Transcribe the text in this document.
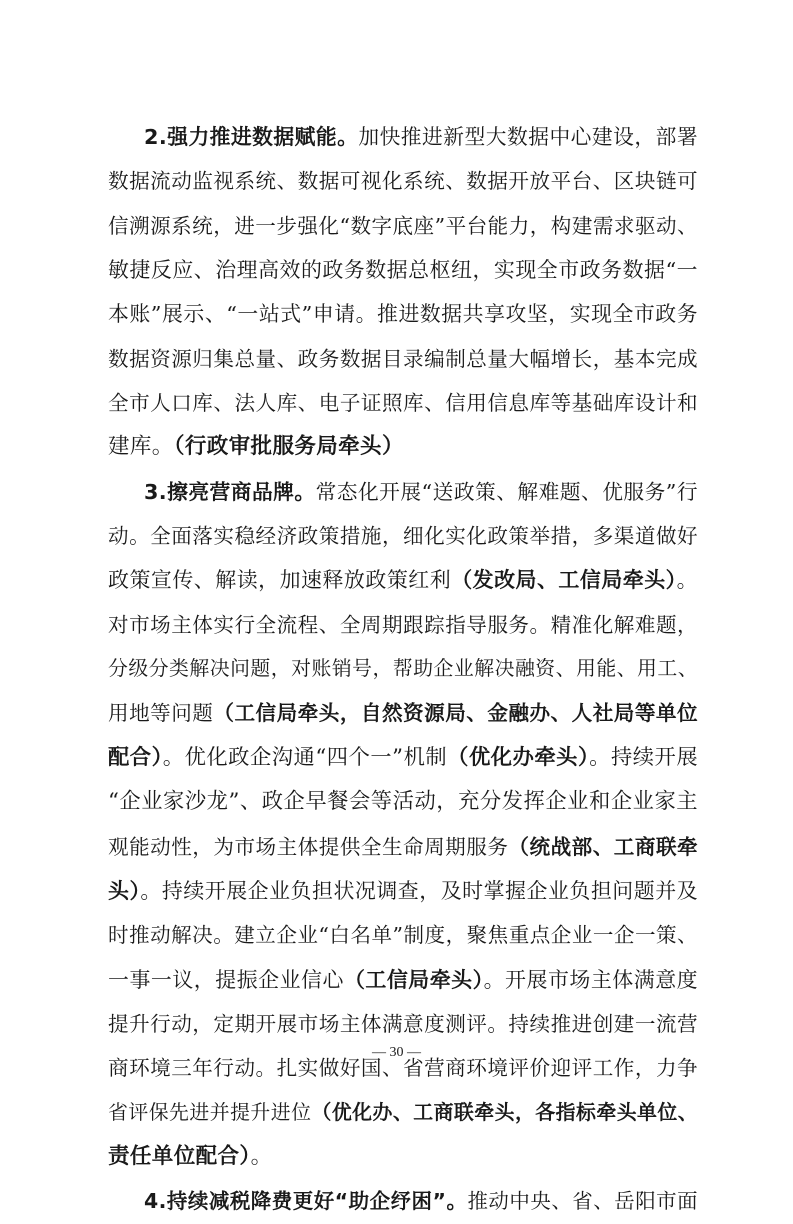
2.强力推进数据赋能。加快推进新型大数据中心建设，部署
数据流动监视系统、数据可视化系统、数据开放平台、区块链可
信溯源系统，进一步强化“数字底座”平台能力，构建需求驱动、
敏捷反应、治理高效的政务数据总枢纽，实现全市政务数据“一
本账”展示、“一站式”申请。推进数据共享攻坚，实现全市政务
数据资源归集总量、政务数据目录编制总量大幅增长，基本完成
全市人口库、法人库、电子证照库、信用信息库等基础库设计和
建库。（行政审批服务局牵头）
3.擦亮营商品牌。常态化开展“送政策、解难题、优服务”行
动。全面落实稳经济政策措施，细化实化政策举措，多渠道做好
政策宣传、解读，加速释放政策红利（发改局、工信局牵头）。
对市场主体实行全流程、全周期跟踪指导服务。精准化解难题，
分级分类解决问题，对账销号，帮助企业解决融资、用能、用工、
用地等问题（工信局牵头，自然资源局、金融办、人社局等单位
配合）。优化政企沟通“四个一”机制（优化办牵头）。持续开展
“企业家沙龙”、政企早餐会等活动，充分发挥企业和企业家主
观能动性，为市场主体提供全生命周期服务（统战部、工商联牵
头）。持续开展企业负担状况调查，及时掌握企业负担问题并及
时推动解决。建立企业“白名单”制度，聚焦重点企业一企一策、
一事一议，提振企业信心（工信局牵头）。开展市场主体满意度
提升行动，定期开展市场主体满意度测评。持续推进创建一流营
商环境三年行动。扎实做好国、省营商环境评价迎评工作，力争
省评保先进并提升进位（优化办、工商联牵头，各指标牵头单位、
责任单位配合）。
4.持续减税降费更好“助企纾困”。推动中央、省、岳阳市面
— 30 —
